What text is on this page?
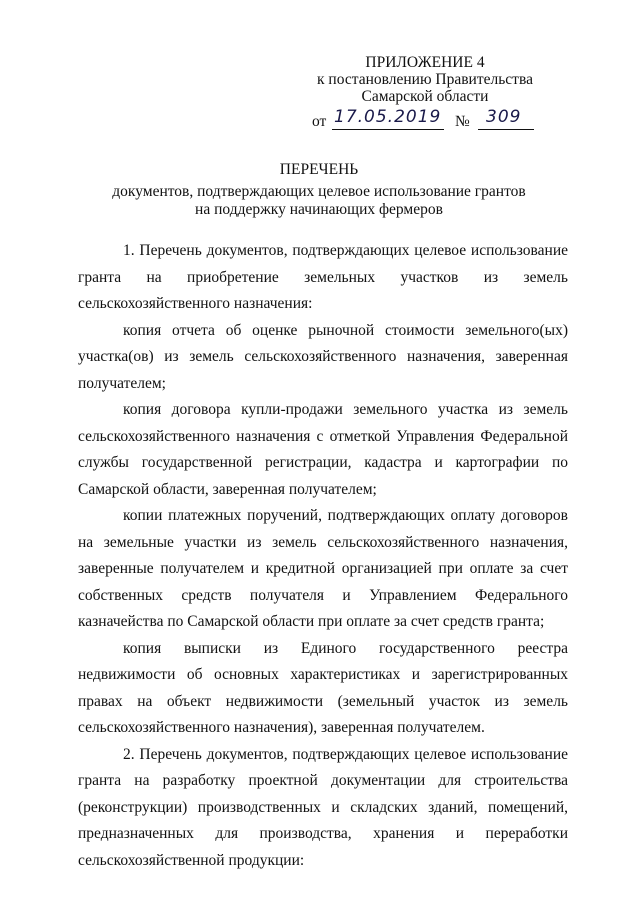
ПРИЛОЖЕНИЕ 4
к постановлению Правительства
Самарской области
от 17.05.2019 № 309
ПЕРЕЧЕНЬ
документов, подтверждающих целевое использование грантов
на поддержку начинающих фермеров

1. Перечень документов, подтверждающих целевое использование гранта на приобретение земельных участков из земель сельскохозяйственного назначения:

копия отчета об оценке рыночной стоимости земельного(ых) участка(ов) из земель сельскохозяйственного назначения, заверенная получателем;

копия договора купли-продажи земельного участка из земель сельскохозяйственного назначения с отметкой Управления Федеральной службы государственной регистрации, кадастра и картографии по Самарской области, заверенная получателем;

копии платежных поручений, подтверждающих оплату договоров на земельные участки из земель сельскохозяйственного назначения, заверенные получателем и кредитной организацией при оплате за счет собственных средств получателя и Управлением Федерального казначейства по Самарской области при оплате за счет средств гранта;

копия выписки из Единого государственного реестра недвижимости об основных характеристиках и зарегистрированных правах на объект недвижимости (земельный участок из земель сельскохозяйственного назначения), заверенная получателем.

2. Перечень документов, подтверждающих целевое использование гранта на разработку проектной документации для строительства (реконструкции) производственных и складских зданий, помещений, предназначенных для производства, хранения и переработки сельскохозяйственной продукции:
